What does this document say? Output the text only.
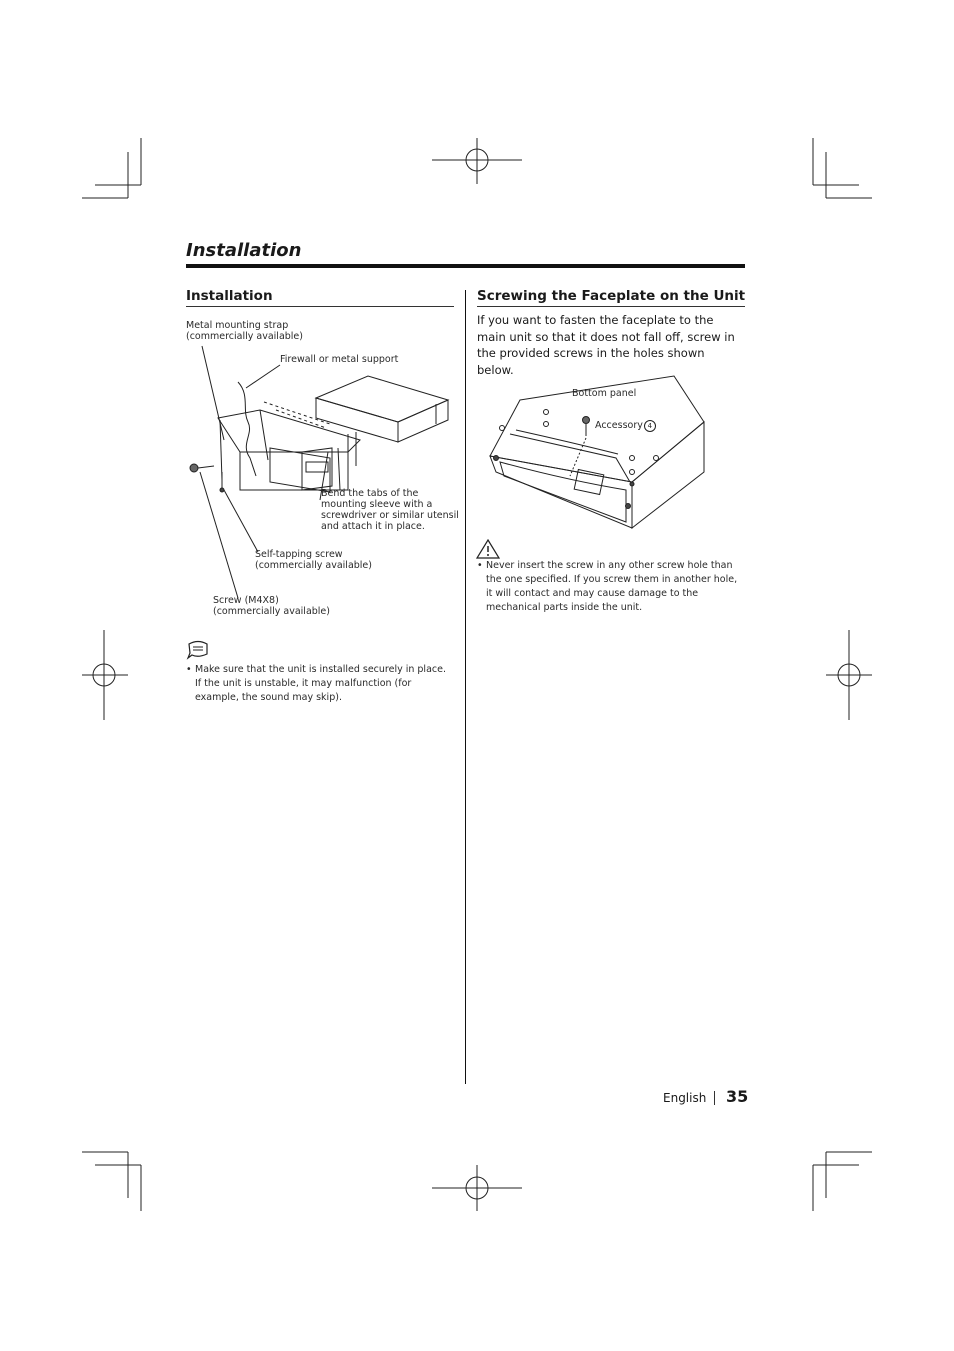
Installation
Installation
Metal mounting strap
(commercially available)
Firewall or metal support
Bend the tabs of the
mounting sleeve with a
screwdriver or similar utensil
and attach it in place.
Self-tapping screw
(commercially available)
Screw (M4X8)
(commercially available)
• Make sure that the unit is installed securely in place. If the unit is unstable, it may malfunction (for example, the sound may skip).
Screwing the Faceplate on the Unit
If you want to fasten the faceplate to the main unit so that it does not fall off, screw in the provided screws in the holes shown below.
Bottom panel
Accessory 4
• Never insert the screw in any other screw hole than the one specified. If you screw them in another hole, it will contact and may cause damage to the mechanical parts inside the unit.
English 35
